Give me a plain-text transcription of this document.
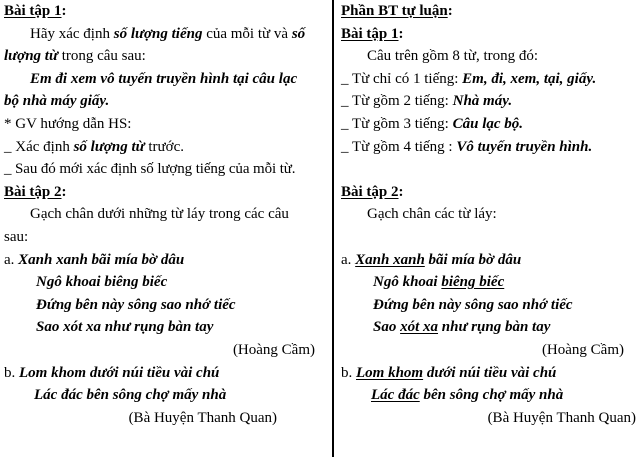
Bài tập 1:
Hãy xác định số lượng tiếng của mỗi từ và số
lượng từ trong câu sau:
Em đi xem vô tuyến truyền hình tại câu lạc
bộ nhà máy giấy.
* GV hướng dẫn HS:
_ Xác định số lượng từ trước.
_ Sau đó mới xác định số lượng tiếng của mỗi từ.
Bài tập 2:
Gạch chân dưới những từ láy trong các câu
sau:
a. Xanh xanh bãi mía bờ dâu
Ngô khoai biêng biếc
Đứng bên này sông sao nhớ tiếc
Sao xót xa như rụng bàn tay
(Hoàng Cầm)
b. Lom khom dưới núi tiều vài chú
Lác đác bên sông chợ mấy nhà
(Bà Huyện Thanh Quan)
Phần BT tự luận:
Bài tập 1:
Câu trên gồm 8 từ, trong đó:
_ Từ chỉ có 1 tiếng: Em, đi, xem, tại, giấy.
_ Từ gồm 2 tiếng: Nhà máy.
_ Từ gồm 3 tiếng: Câu lạc bộ.
_ Từ gồm 4 tiếng : Vô tuyến truyền hình.

Bài tập 2:
Gạch chân các từ láy:

a. Xanh xanh bãi mía bờ dâu
Ngô khoai biêng biếc
Đứng bên này sông sao nhớ tiếc
Sao xót xa như rụng bàn tay
(Hoàng Cầm)
b. Lom khom dưới núi tiều vài chú
Lác đác bên sông chợ mấy nhà
(Bà Huyện Thanh Quan)
